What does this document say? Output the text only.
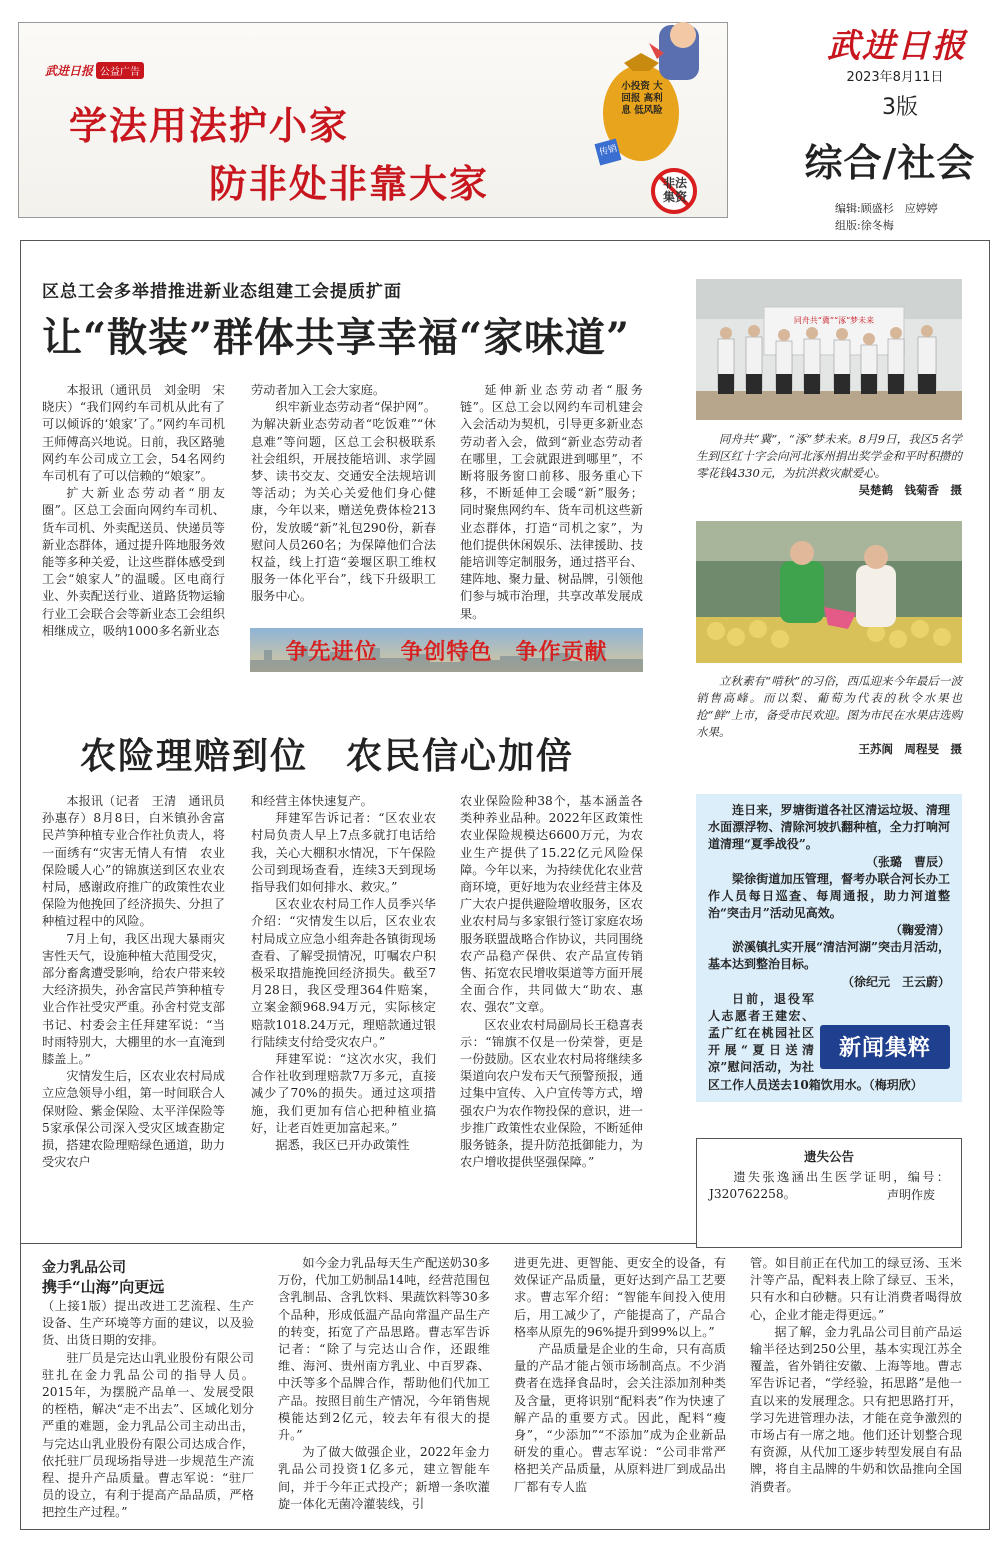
武进日报
2023年8月11日
3版
综合/社会
编辑:顾盛杉　应婷婷
组版:徐冬梅
武进日报 公益广告
学法用法护小家
防非处非靠大家
小投资 大回报 高利息 低风险
传销
非法集资
区总工会多举措推进新业态组建工会提质扩面
让“散装”群体共享幸福“家味道”

本报讯（通讯员　刘金明　宋晓庆）“我们网约车司机从此有了可以倾诉的‘娘家’了。”网约车司机王师傅高兴地说。日前，我区路驰网约车公司成立工会，54名网约车司机有了可以信赖的“娘家”。

扩大新业态劳动者“朋友圈”。区总工会面向网约车司机、货车司机、外卖配送员、快递员等新业态群体，通过提升阵地服务效能等多种关爱，让这些群体感受到工会“娘家人”的温暖。区电商行业、外卖配送行业、道路货物运输行业工会联合会等新业态工会组织相继成立，吸纳1000多名新业态

劳动者加入工会大家庭。

织牢新业态劳动者“保护网”。为解决新业态劳动者“吃饭难”“休息难”等问题，区总工会积极联系社会组织，开展技能培训、求学圆梦、读书交友、交通安全法规培训等活动；为关心关爱他们身心健康，今年以来，赠送免费体检213份，发放暖“新”礼包290份，新春慰问人员260名；为保障他们合法权益，线上打造“姜堰区职工维权服务一体化平台”，线下升级职工服务中心。

延伸新业态劳动者“服务链”。区总工会以网约车司机建会入会活动为契机，引导更多新业态劳动者入会，做到“新业态劳动者在哪里，工会就跟进到哪里”，不断将服务窗口前移、服务重心下移，不断延伸工会暖“新”服务；同时聚焦网约车、货车司机这些新业态群体，打造“司机之家”，为他们提供休闲娱乐、法律援助、技能培训等定制服务，通过搭平台、建阵地、聚力量、树品牌，引领他们参与城市治理，共享改革发展成果。

争先进位　争创特色　争作贡献
同舟共“冀”“涿”梦未来

同舟共“冀”，“涿”梦未来。8月9日，我区5名学生到区红十字会向河北涿州捐出奖学金和平时积攒的零花钱4330元，为抗洪救灾献爱心。

吴楚鹤　钱菊香　摄

立秋素有“啃秋”的习俗，西瓜迎来今年最后一波销售高峰。而以梨、葡萄为代表的秋令水果也抢“鲜”上市，备受市民欢迎。图为市民在水果店选购水果。

王苏阆　周程旻　摄
农险理赔到位　农民信心加倍

本报讯（记者　王清　通讯员　孙惠存）8月8日，白米镇孙舍富民芦笋种植专业合作社负责人，将一面绣有“灾害无情人有情　农业保险暖人心”的锦旗送到区农业农村局，感谢政府推广的政策性农业保险为他挽回了经济损失、分担了种植过程中的风险。

7月上旬，我区出现大暴雨灾害性天气，设施种植大范围受灾，部分畜禽遭受影响，给农户带来较大经济损失，孙舍富民芦笋种植专业合作社受灾严重。孙舍村党支部书记、村委会主任拜建军说：“当时雨特别大，大棚里的水一直淹到膝盖上。”

灾情发生后，区农业农村局成立应急领导小组，第一时间联合人保财险、紫金保险、太平洋保险等5家承保公司深入受灾区域查勘定损，搭建农险理赔绿色通道，助力受灾农户

和经营主体快速复产。

拜建军告诉记者：“区农业农村局负责人早上7点多就打电话给我，关心大棚积水情况，下午保险公司到现场查看，连续3天到现场指导我们如何排水、救灾。”

区农业农村局工作人员季兴华介绍：“灾情发生以后，区农业农村局成立应急小组奔赴各镇街现场查看、了解受损情况，叮嘱农户积极采取措施挽回经济损失。截至7月28日，我区受理364件赔案，立案金额968.94万元，实际核定赔款1018.24万元，理赔款通过银行陆续支付给受灾农户。”

拜建军说：“这次水灾，我们合作社收到理赔款7万多元，直接减少了70%的损失。通过这项措施，我们更加有信心把种植业搞好，让老百姓更加富起来。”

据悉，我区已开办政策性

农业保险险种38个，基本涵盖各类种养业品种。2022年区政策性农业保险规模达6600万元，为农业生产提供了15.22亿元风险保障。今年以来，为持续优化农业营商环境，更好地为农业经营主体及广大农户提供避险增收服务，区农业农村局与多家银行签订家庭农场服务联盟战略合作协议，共同围绕农产品稳产保供、农产品宣传销售、拓宽农民增收渠道等方面开展全面合作，共同做大“助农、惠农、强农”文章。

区农业农村局副局长王稳喜表示：“锦旗不仅是一份荣誉，更是一份鼓励。区农业农村局将继续多渠道向农户发布天气预警预报，通过集中宣传、入户宣传等方式，增强农户为农作物投保的意识，进一步推广政策性农业保险，不断延伸服务链条，提升防范抵御能力，为农户增收提供坚强保障。”

连日来，罗塘街道各社区清运垃圾、清理水面漂浮物、清除河坡扒翻种植，全力打响河道清理“夏季战役”。

（张璐　曹辰）

梁徐街道加压管理，督考办联合河长办工作人员每日巡查、每周通报，助力河道整治“突击月”活动见高效。

（鞠爱清）

淤溪镇扎实开展“清洁河湖”突击月活动，基本达到整治目标。

（徐纪元　王云蔚）
新闻集粹

日前，退役军人志愿者王建宏、孟广红在桃园社区开展“夏日送清凉”慰问活动，为社区工作人员送去10箱饮用水。（梅玥欣）

遗失公告

遗失张逸涵出生医学证明，编号：J320762258。	声明作废
金力乳品公司
携手“山海”向更远

（上接1版）提出改进工艺流程、生产设备、生产环境等方面的建议，以及验货、出货日期的安排。

驻厂员是完达山乳业股份有限公司驻扎在金力乳品公司的指导人员。2015年，为摆脱产品单一、发展受限的桎梏，解决“走不出去”、区域化划分严重的难题，金力乳品公司主动出击，与完达山乳业股份有限公司达成合作，依托驻厂员现场指导进一步规范生产流程、提升产品质量。曹志军说：“驻厂员的设立，有利于提高产品品质，严格把控生产过程。”

如今金力乳品每天生产配送奶30多万份，代加工奶制品14吨，经营范围包含乳制品、含乳饮料、果蔬饮料等30多个品种，形成低温产品向常温产品生产的转变，拓宽了产品思路。曹志军告诉记者：“除了与完达山合作，还跟维维、海河、贵州南方乳业、中百罗森、中沃等多个品牌合作，帮助他们代加工产品。按照目前生产情况，今年销售规模能达到2亿元，较去年有很大的提升。”

为了做大做强企业，2022年金力乳品公司投资1亿多元，建立智能车间，并于今年正式投产；新增一条吹灌旋一体化无菌冷灌装线，引

进更先进、更智能、更安全的设备，有效保证产品质量，更好达到产品工艺要求。曹志军介绍：“智能车间投入使用后，用工减少了，产能提高了，产品合格率从原先的96%提升到99%以上。”

产品质量是企业的生命，只有高质量的产品才能占领市场制高点。不少消费者在选择食品时，会关注添加剂种类及含量，更将识别“配料表”作为快速了解产品的重要方式。因此，配料“瘦身”，“少添加”“不添加”成为企业新品研发的重心。曹志军说：“公司非常严格把关产品质量，从原料进厂到成品出厂都有专人监

管。如目前正在代加工的绿豆汤、玉米汁等产品，配料表上除了绿豆、玉米，只有水和白砂糖。只有让消费者喝得放心，企业才能走得更远。”

据了解，金力乳品公司目前产品运输半径达到250公里，基本实现江苏全覆盖，省外销往安徽、上海等地。曹志军告诉记者，“学经验，拓思路”是他一直以来的发展理念。只有把思路打开，学习先进管理办法，才能在竞争激烈的市场占有一席之地。他们还计划整合现有资源，从代加工逐步转型发展自有品牌，将自主品牌的牛奶和饮品推向全国消费者。
